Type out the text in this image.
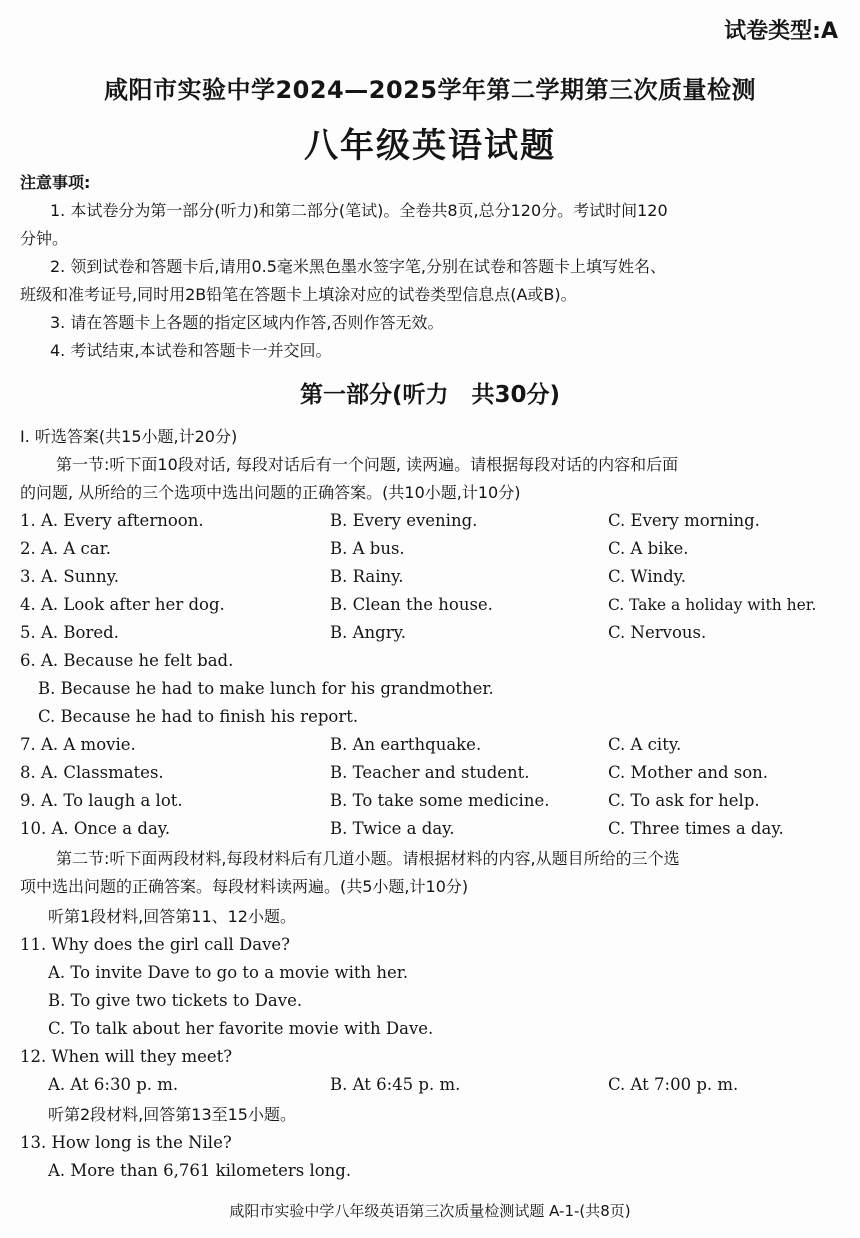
试卷类型:A
咸阳市实验中学2024—2025学年第二学期第三次质量检测
八年级英语试题
注意事项:
1. 本试卷分为第一部分(听力)和第二部分(笔试)。全卷共8页,总分120分。考试时间120
分钟。
2. 领到试卷和答题卡后,请用0.5毫米黑色墨水签字笔,分别在试卷和答题卡上填写姓名、
班级和准考证号,同时用2B铅笔在答题卡上填涂对应的试卷类型信息点(A或B)。
3. 请在答题卡上各题的指定区域内作答,否则作答无效。
4. 考试结束,本试卷和答题卡一并交回。
第一部分(听力　共30分)
Ⅰ. 听选答案(共15小题,计20分)
第一节:听下面10段对话, 每段对话后有一个问题, 读两遍。请根据每段对话的内容和后面
的问题, 从所给的三个选项中选出问题的正确答案。(共10小题,计10分)
1. A. Every afternoon.	B. Every evening.	C. Every morning.
2. A. A car.	B. A bus.	C. A bike.
3. A. Sunny.	B. Rainy.	C. Windy.
4. A. Look after her dog.	B. Clean the house.	C. Take a holiday with her.
5. A. Bored.	B. Angry.	C. Nervous.
6. A. Because he felt bad.
B. Because he had to make lunch for his grandmother.
C. Because he had to finish his report.
7. A. A movie.	B. An earthquake.	C. A city.
8. A. Classmates.	B. Teacher and student.	C. Mother and son.
9. A. To laugh a lot.	B. To take some medicine.	C. To ask for help.
10. A. Once a day.	B. Twice a day.	C. Three times a day.
第二节:听下面两段材料,每段材料后有几道小题。请根据材料的内容,从题目所给的三个选
项中选出问题的正确答案。每段材料读两遍。(共5小题,计10分)
听第1段材料,回答第11、12小题。
11. Why does the girl call Dave?
A. To invite Dave to go to a movie with her.
B. To give two tickets to Dave.
C. To talk about her favorite movie with Dave.
12. When will they meet?
A. At 6:30 p. m.	B. At 6:45 p. m.	C. At 7:00 p. m.
听第2段材料,回答第13至15小题。
13. How long is the Nile?
A. More than 6,761 kilometers long.
咸阳市实验中学八年级英语第三次质量检测试题 A-1-(共8页)
